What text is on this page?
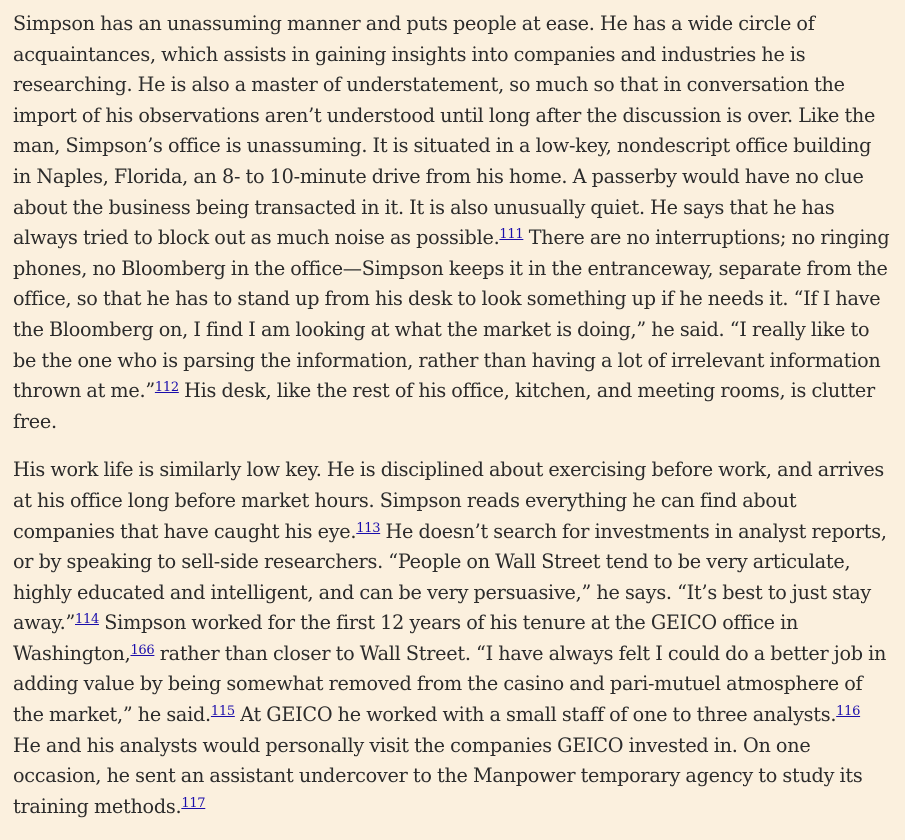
Simpson has an unassuming manner and puts people at ease. He has a wide circle of acquaintances, which assists in gaining insights into companies and industries he is researching. He is also a master of understatement, so much so that in conversation the import of his observations aren’t understood until long after the discussion is over. Like the man, Simpson’s office is unassuming. It is situated in a low-key, nondescript office building in Naples, Florida, an 8- to 10-minute drive from his home. A passerby would have no clue about the business being transacted in it. It is also unusually quiet. He says that he has always tried to block out as much noise as possible.$^{111}$ There are no interruptions; no ringing phones, no Bloomberg in the office—Simpson keeps it in the entranceway, separate from the office, so that he has to stand up from his desk to look something up if he needs it. “If I have the Bloomberg on, I find I am looking at what the market is doing,” he said. “I really like to be the one who is parsing the information, rather than having a lot of irrelevant information thrown at me.”$^{112}$ His desk, like the rest of his office, kitchen, and meeting rooms, is clutter free.

His work life is similarly low key. He is disciplined about exercising before work, and arrives at his office long before market hours. Simpson reads everything he can find about companies that have caught his eye.$^{113}$ He doesn’t search for investments in analyst reports, or by speaking to sell-side researchers. “People on Wall Street tend to be very articulate, highly educated and intelligent, and can be very persuasive,” he says. “It’s best to just stay away.”$^{114}$ Simpson worked for the first 12 years of his tenure at the GEICO office in Washington,$^{166}$ rather than closer to Wall Street. “I have always felt I could do a better job in adding value by being somewhat removed from the casino and pari-mutuel atmosphere of the market,” he said.$^{115}$ At GEICO he worked with a small staff of one to three analysts.$^{116}$ He and his analysts would personally visit the companies GEICO invested in. On one occasion, he sent an assistant undercover to the Manpower temporary agency to study its training methods.$^{117}$
